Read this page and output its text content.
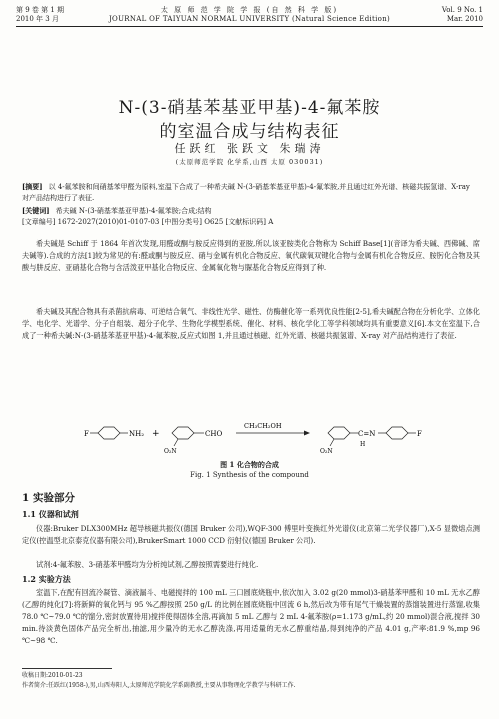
第 9 卷 第 1 期	太 原 师 范 学 院 学 报 (自 然 科 学 版)	Vol. 9 No. 1
2010 年 3 月	JOURNAL OF TAIYUAN NORMAL UNIVERSITY (Natural Science Edition)	Mar. 2010
N-(3-硝基苯基亚甲基)-4-氟苯胺
的室温合成与结构表征
任跃红 张跃文 朱瑞涛
(太原师范学院 化学系,山西 太原 030031)
[摘要] 以 4-氟苯胺和间硝基苯甲醛为原料,室温下合成了一种希夫碱 N-(3-硝基苯基亚甲基)-4-氟苯胺,并且通过红外光谱、核磁共振氢谱、X-ray 对产品结构进行了表征.
[关键词] 希夫碱 N-(3-硝基苯基亚甲基)-4-氟苯胺;合成;结构
[文章编号] 1672-2027(2010)01-0107-03 [中图分类号] O625 [文献标识码] A
希夫碱是 Schiff 于 1864 年首次发现,用醛或酮与胺反应得到的亚胺,所以,该亚胺类化合物称为 Schiff Base[1](音译为希夫碱、西佛碱、席夫碱等).合成的方法[1]较为常见的有:醛或酮与胺反应、硝与金属有机化合物反应、氧代碳氧双键化合物与金属有机化合物反应、胺肟化合物及其酸与肼反应、亚硝基化合物与含活泼亚甲基化合物反应、金属氧化物与脲基化合物反应得到了种.
希夫碱及其配合物具有杀菌抗病毒、可逆结合氧气、非线性光学、磁性、仿酶催化等一系列优良性能[2-5],希夫碱配合物在分析化学、立体化学、电化学、光谱学、分子自组装、超分子化学、生物化学模型系统、催化、材料、核化学化工等学科领域均具有重要意义[6].本文在室温下,合成了一种希夫碱:N-(3-硝基苯基亚甲基)-4-氟苯胺,反应式如图 1,并且通过核磁、红外光谱、核磁共振氢谱、X-ray 对产品结构进行了表征.
F	NH₂ +	CHO
O₂N
CH₃CH₂OH
O₂N
C=N
H
F
图 1 化合物的合成
Fig. 1 Synthesis of the compound
1 实验部分
1.1 仪器和试剂
仪器:Bruker DLX300MHz 超导核磁共振仪(德国 Bruker 公司),WQF-300 傅里叶变换红外光谱仪(北京第二光学仪器厂),X-5 显微熔点测定仪(控温型北京泰克仪器有限公司),BrukerSmart 1000 CCD 衍射仪(德国 Bruker 公司).
试剂:4-氟苯胺、3-硝基苯甲醛均为分析纯试剂,乙醇按照需要进行纯化.
1.2 实验方法
室温下,在配有回流冷凝管、滴液漏斗、电磁搅拌的 100 mL 三口圆底烧瓶中,依次加入 3.02 g(20 mmol)3-硝基苯甲醛和 10 mL 无水乙醇(乙醇的纯化[7]:将新鲜的氧化钙与 95 %乙醇按照 250 g/L 的比例在圆底烧瓶中回流 6 h,然后改为带有尾气干燥装置的蒸馏装置进行蒸馏,收集 78.0 ℃~79.0 ℃的馏分,密封放置待用)搅拌使得固体全溶,再滴加 5 mL 乙醇与 2 mL 4-氟苯胺(ρ=1.173 g/mL,约 20 mmol)混合液,搅拌 30 min.待淡黄色固体产品完全析出,抽滤,用少量冷的无水乙醇洗涤,再用适量的无水乙醇重结晶,得到纯净的产品 4.01 g,产率:81.9 %,mp 96 ℃~98 ℃.
收稿日期:2010-01-23
作者简介:任跃红(1958-),男,山西寿阳人,太原师范学院化学系副教授,主要从事物理化学教学与科研工作.
